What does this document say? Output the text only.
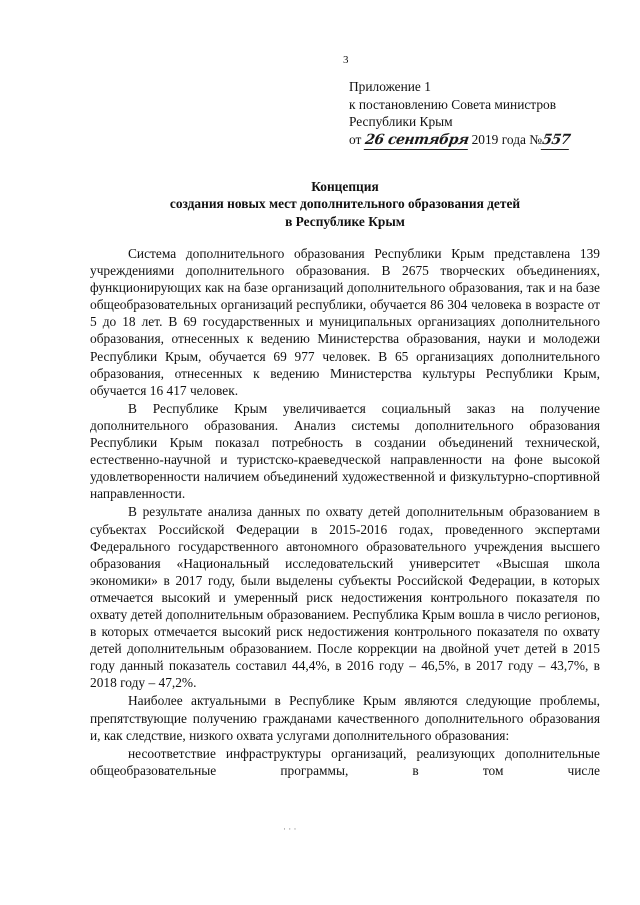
3
Приложение 1
к постановлению Совета министров
Республики Крым
от 26 сентября 2019 года №557
Концепция
создания новых мест дополнительного образования детей
в Республике Крым

Система дополнительного образования Республики Крым представлена 139 учреждениями дополнительного образования. В 2675 творческих объединениях, функционирующих как на базе организаций дополнительного образования, так и на базе общеобразовательных организаций республики, обучается 86 304 человека в возрасте от 5 до 18 лет. В 69 государственных и муниципальных организациях дополнительного образования, отнесенных к ведению Министерства образования, науки и молодежи Республики Крым, обучается 69 977 человек. В 65 организациях дополнительного образования, отнесенных к ведению Министерства культуры Республики Крым, обучается 16 417 человек.

В Республике Крым увеличивается социальный заказ на получение дополнительного образования. Анализ системы дополнительного образования Республики Крым показал потребность в создании объединений технической, естественно-научной и туристско-краеведческой направленности на фоне высокой удовлетворенности наличием объединений художественной и физкультурно-спортивной направленности.

В результате анализа данных по охвату детей дополнительным образованием в субъектах Российской Федерации в 2015-2016 годах, проведенного экспертами Федерального государственного автономного образовательного учреждения высшего образования «Национальный исследовательский университет «Высшая школа экономики» в 2017 году, были выделены субъекты Российской Федерации, в которых отмечается высокий и умеренный риск недостижения контрольного показателя по охвату детей дополнительным образованием. Республика Крым вошла в число регионов, в которых отмечается высокий риск недостижения контрольного показателя по охвату детей дополнительным образованием. После коррекции на двойной учет детей в 2015 году данный показатель составил 44,4%, в 2016 году – 46,5%, в 2017 году – 43,7%, в 2018 году – 47,2%.

Наиболее актуальными в Республике Крым являются следующие проблемы, препятствующие получению гражданами качественного дополнительного образования и, как следствие, низкого охвата услугами дополнительного образования:

несоответствие инфраструктуры организаций, реализующих дополнительные общеобразовательные программы, в том числе

· · ·
